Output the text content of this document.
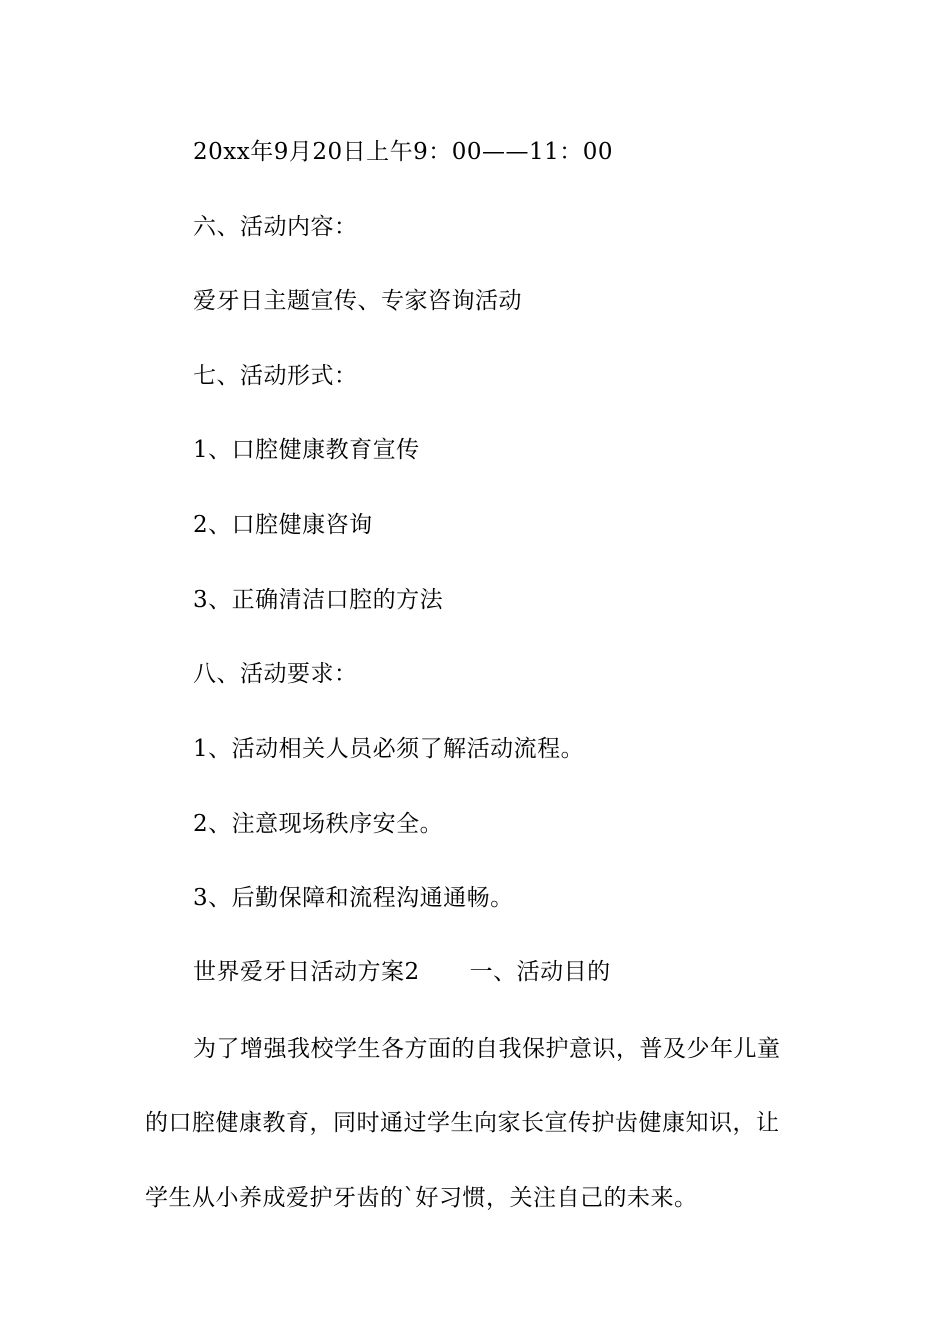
20xx年9月20日上午9：00——11：00
六、活动内容：
爱牙日主题宣传、专家咨询活动
七、活动形式：
1、口腔健康教育宣传
2、口腔健康咨询
3、正确清洁口腔的方法
八、活动要求：
1、活动相关人员必须了解活动流程。
2、注意现场秩序安全。
3、后勤保障和流程沟通通畅。
世界爱牙日活动方案2 一、活动目的
为了增强我校学生各方面的自我保护意识，普及少年儿童
的口腔健康教育，同时通过学生向家长宣传护齿健康知识，让
学生从小养成爱护牙齿的`好习惯，关注自己的未来。
